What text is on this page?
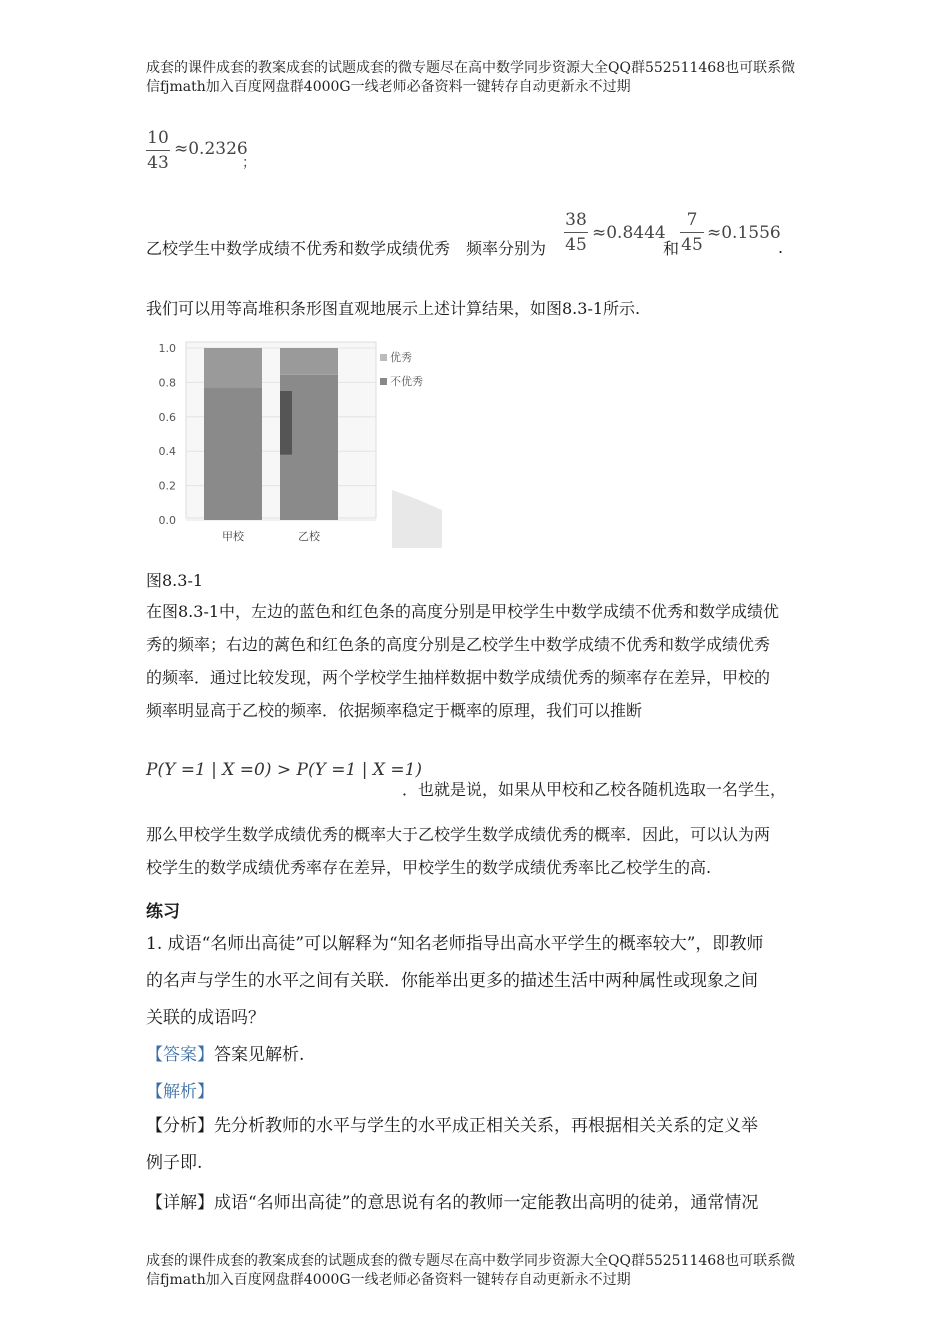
成套的课件成套的教案成套的试题成套的微专题尽在高中数学同步资源大全QQ群552511468也可联系微
信fjmath加入百度网盘群4000G一线老师必备资料一键转存自动更新永不过期
10
43
≈0.2326
；
乙校学生中数学成绩不优秀和数学成绩优秀　频率分别为
38
45
≈0.8444
和
7
45
≈0.1556
.
我们可以用等高堆积条形图直观地展示上述计算结果，如图8.3-1所示.
0.0
0.2
0.4
0.6
0.8
1.0
甲校	乙校
优秀
不优秀
图8.3-1
在图8.3-1中，左边的蓝色和红色条的高度分别是甲校学生中数学成绩不优秀和数学成绩优
秀的频率；右边的蓠色和红色条的高度分别是乙校学生中数学成绩不优秀和数学成绩优秀
的频率．通过比较发现，两个学校学生抽样数据中数学成绩优秀的频率存在差异，甲校的
频率明显高于乙校的频率．依据频率稳定于概率的原理，我们可以推断
P(Y =1 | X =0) > P(Y =1 | X =1)
．也就是说，如果从甲校和乙校各随机选取一名学生，
那么甲校学生数学成绩优秀的概率大于乙校学生数学成绩优秀的概率．因此，可以认为两
校学生的数学成绩优秀率存在差异，甲校学生的数学成绩优秀率比乙校学生的高.
练习
1. 成语“名师出高徒”可以解释为“知名老师指导出高水平学生的概率较大”，即教师
的名声与学生的水平之间有关联．你能举出更多的描述生活中两种属性或现象之间
关联的成语吗？
【答案】答案见解析.
【解析】
【分析】先分析教师的水平与学生的水平成正相关关系，再根据相关关系的定义举
例子即.
【详解】成语“名师出高徒”的意思说有名的教师一定能教出高明的徒弟，通常情况
成套的课件成套的教案成套的试题成套的微专题尽在高中数学同步资源大全QQ群552511468也可联系微
信fjmath加入百度网盘群4000G一线老师必备资料一键转存自动更新永不过期
